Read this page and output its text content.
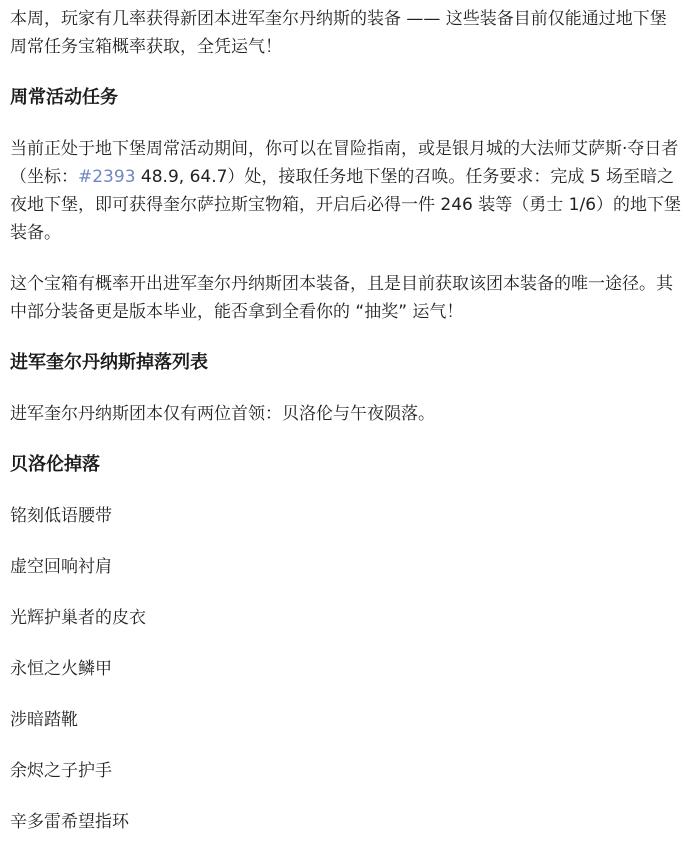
本周，玩家有几率获得新团本进军奎尔丹纳斯的装备 —— 这些装备目前仅能通过地下堡周常任务宝箱概率获取，全凭运气！

周常活动任务

当前正处于地下堡周常活动期间，你可以在冒险指南，或是银月城的大法师艾萨斯·夺日者（坐标：#2393 48.9, 64.7）处，接取任务地下堡的召唤。任务要求：完成 5 场至暗之夜地下堡，即可获得奎尔萨拉斯宝物箱，开启后必得一件 246 装等（勇士 1/6）的地下堡装备。

这个宝箱有概率开出进军奎尔丹纳斯团本装备，且是目前获取该团本装备的唯一途径。其中部分装备更是版本毕业，能否拿到全看你的 “抽奖” 运气！

进军奎尔丹纳斯掉落列表

进军奎尔丹纳斯团本仅有两位首领：贝洛伦与午夜陨落。

贝洛伦掉落

铭刻低语腰带

虚空回响衬肩

光辉护巢者的皮衣

永恒之火鳞甲

涉暗踏靴

余烬之子护手

辛多雷希望指环
